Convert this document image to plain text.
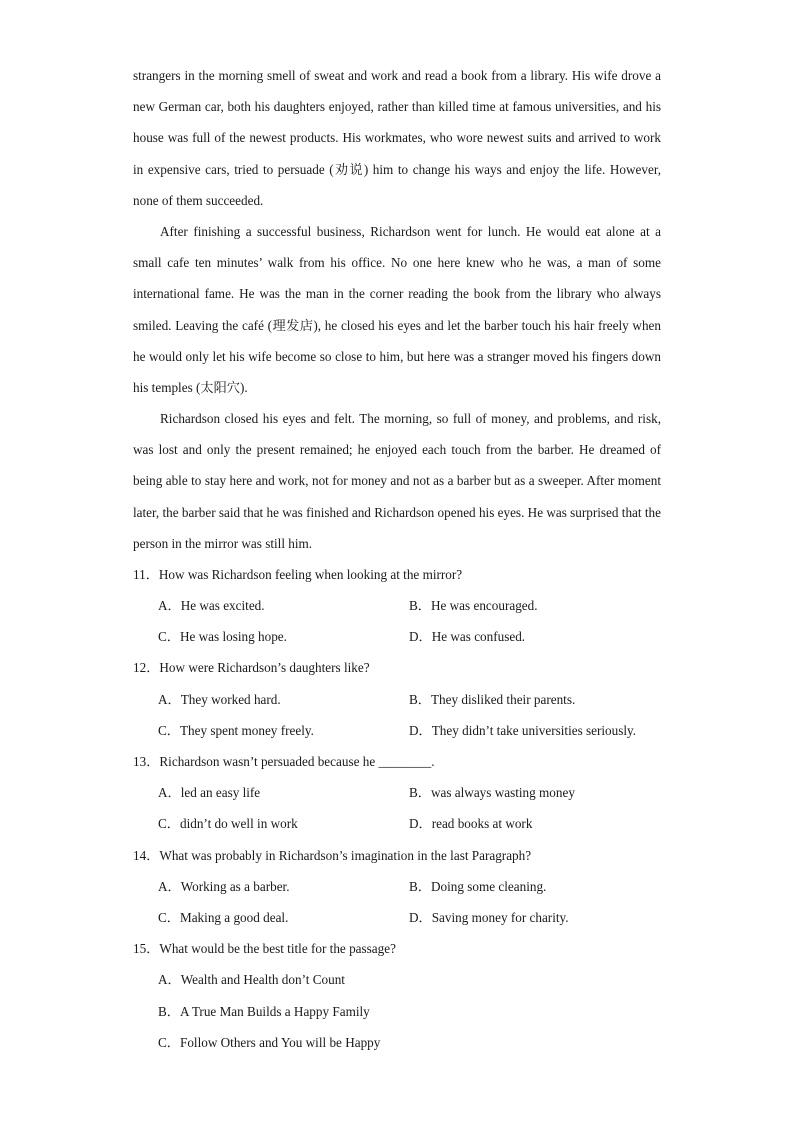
strangers in the morning smell of sweat and work and read a book from a library. His wife drove a new German car, both his daughters enjoyed, rather than killed time at famous universities, and his house was full of the newest products. His workmates, who wore newest suits and arrived to work in expensive cars, tried to persuade (劝说) him to change his ways and enjoy the life. However, none of them succeeded.

After finishing a successful business, Richardson went for lunch. He would eat alone at a small cafe ten minutes’ walk from his office. No one here knew who he was, a man of some international fame. He was the man in the corner reading the book from the library who always smiled. Leaving the café (理发店), he closed his eyes and let the barber touch his hair freely when he would only let his wife become so close to him, but here was a stranger moved his fingers down his temples (太阳穴).

Richardson closed his eyes and felt. The morning, so full of money, and problems, and risk, was lost and only the present remained; he enjoyed each touch from the barber. He dreamed of being able to stay here and work, not for money and not as a barber but as a sweeper. After moment later, the barber said that he was finished and Richardson opened his eyes. He was surprised that the person in the mirror was still him.

11．How was Richardson feeling when looking at the mirror?
A．He was excited.	B．He was encouraged.
C．He was losing hope.	D．He was confused.
12．How were Richardson’s daughters like?
A．They worked hard.	B．They disliked their parents.
C．They spent money freely.	D．They didn’t take universities seriously.
13．Richardson wasn’t persuaded because he ________.
A．led an easy life	B．was always wasting money
C．didn’t do well in work	D．read books at work
14．What was probably in Richardson’s imagination in the last Paragraph?
A．Working as a barber.	B．Doing some cleaning.
C．Making a good deal.	D．Saving money for charity.
15．What would be the best title for the passage?
A．Wealth and Health don’t Count
B．A True Man Builds a Happy Family
C．Follow Others and You will be Happy
